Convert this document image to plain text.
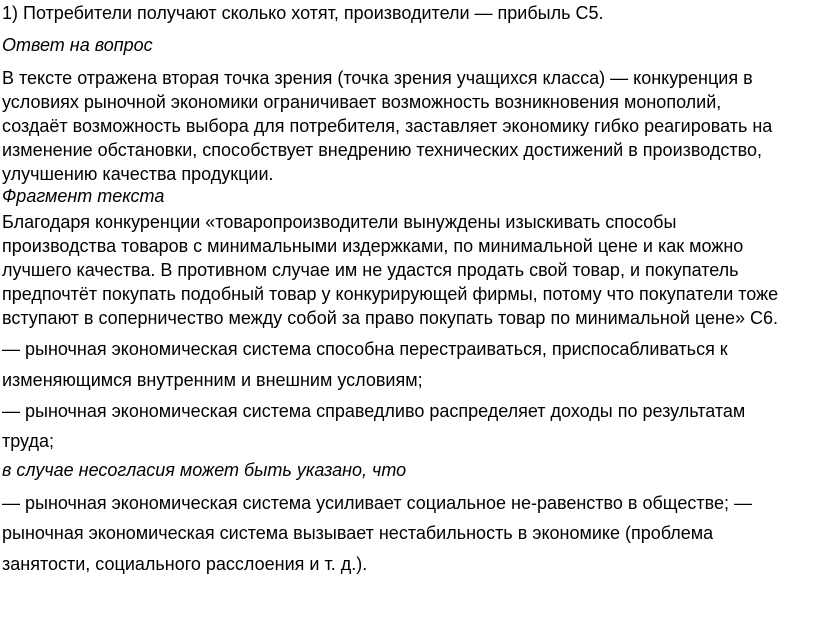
1) Потребители получают сколько хотят, производители — прибыль С5.

Ответ на вопрос

В тексте отражена вторая точка зрения (точка зрения учащихся класса) — конкуренция в

условиях рыночной экономики ограничивает возможность возникновения монополий,

создаёт возможность выбора для потребителя, заставляет экономику гибко реагировать на

изменение обстановки, способствует внедрению технических достижений в производство,

улучшению качества продукции.

Фрагмент текста

Благодаря конкуренции «товаропроизводители вынуждены изыскивать способы

производства товаров с минимальными издержками, по минимальной цене и как можно

лучшего качества. В противном случае им не удастся продать свой товар, и покупатель

предпочтёт покупать подобный товар у конкурирующей фирмы, потому что покупатели тоже

вступают в соперничество между собой за право покупать товар по минимальной цене» С6.

— рыночная экономическая система способна перестраиваться, приспосабливаться к

изменяющимся внутренним и внешним условиям;

— рыночная экономическая система справедливо распределяет доходы по результатам

труда;

в случае несогласия может быть указано, что

— рыночная экономическая система усиливает социальное не-равенство в обществе; —

рыночная экономическая система вызывает нестабильность в экономике (проблема

занятости, социального расслоения и т. д.).
